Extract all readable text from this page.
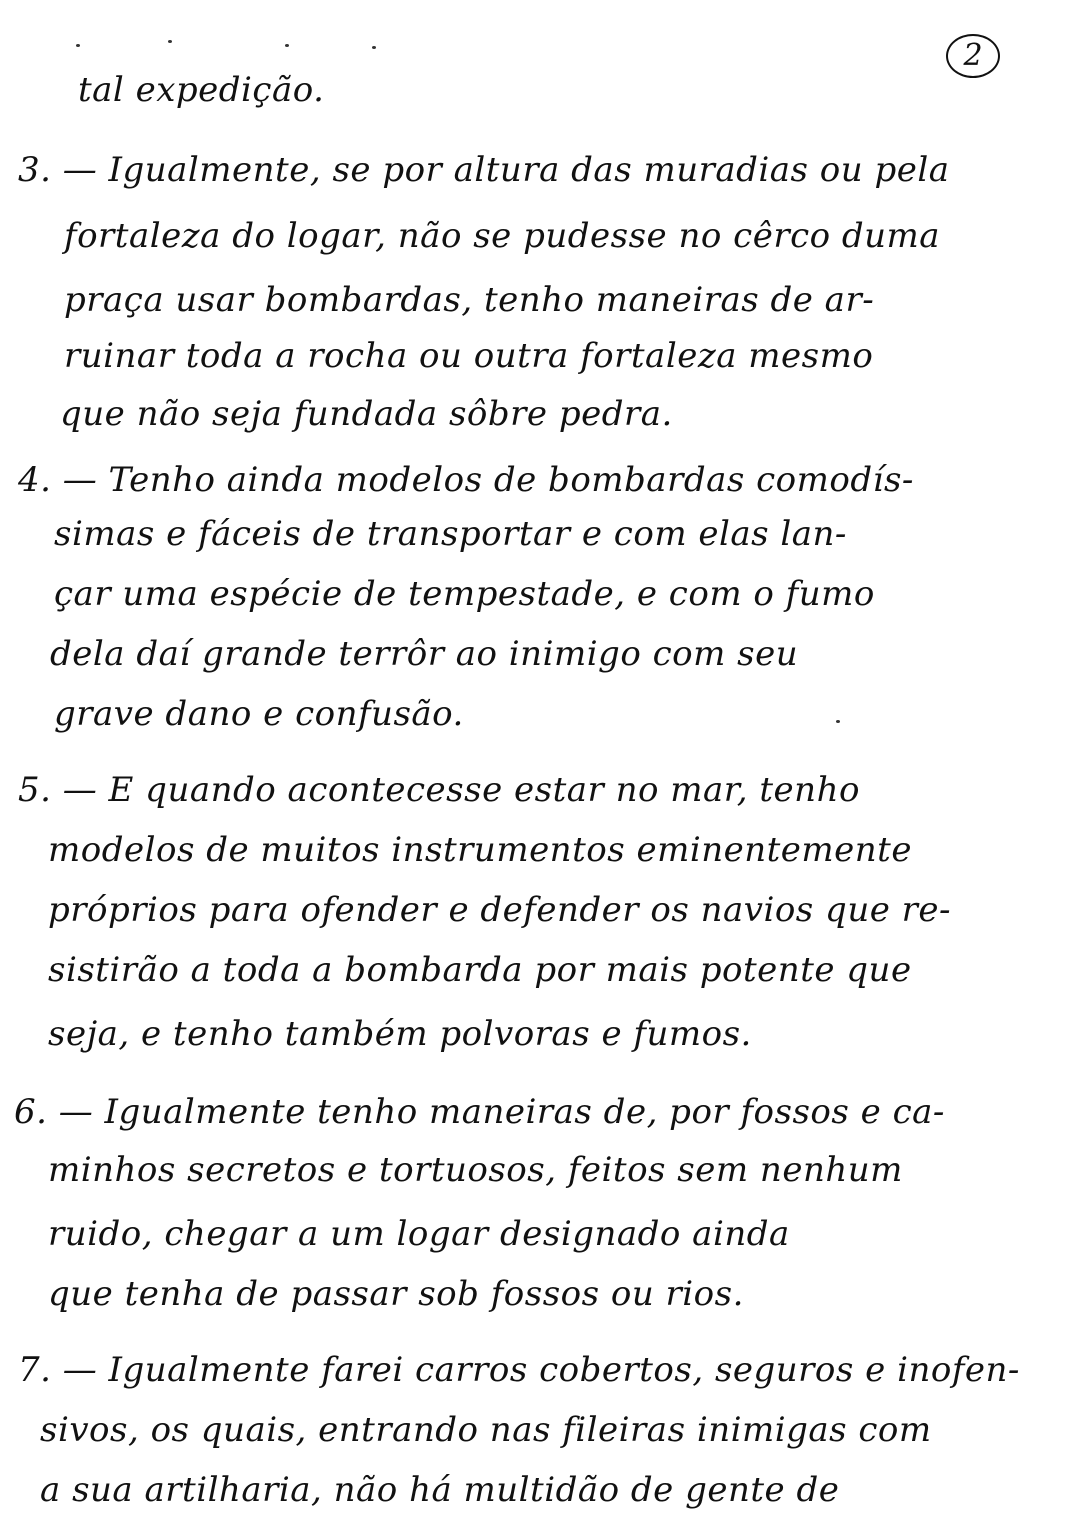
2
tal expedição.
3. — Igualmente, se por altura das muradias ou pela
fortaleza do logar, não se pudesse no cêrco duma
praça usar bombardas, tenho maneiras de ar-
ruinar toda a rocha ou outra fortaleza mesmo
que não seja fundada sôbre pedra.
4. — Tenho ainda modelos de bombardas comodís-
simas e fáceis de transportar e com elas lan-
çar uma espécie de tempestade, e com o fumo
dela daí grande terrôr ao inimigo com seu
grave dano e confusão.
5. — E quando acontecesse estar no mar, tenho
modelos de muitos instrumentos eminentemente
próprios para ofender e defender os navios que re-
sistirão a toda a bombarda por mais potente que
seja, e tenho também polvoras e fumos.
6. — Igualmente tenho maneiras de, por fossos e ca-
minhos secretos e tortuosos, feitos sem nenhum
ruido, chegar a um logar designado ainda
que tenha de passar sob fossos ou rios.
7. — Igualmente farei carros cobertos, seguros e inofen-
sivos, os quais, entrando nas fileiras inimigas com
a sua artilharia, não há multidão de gente de
